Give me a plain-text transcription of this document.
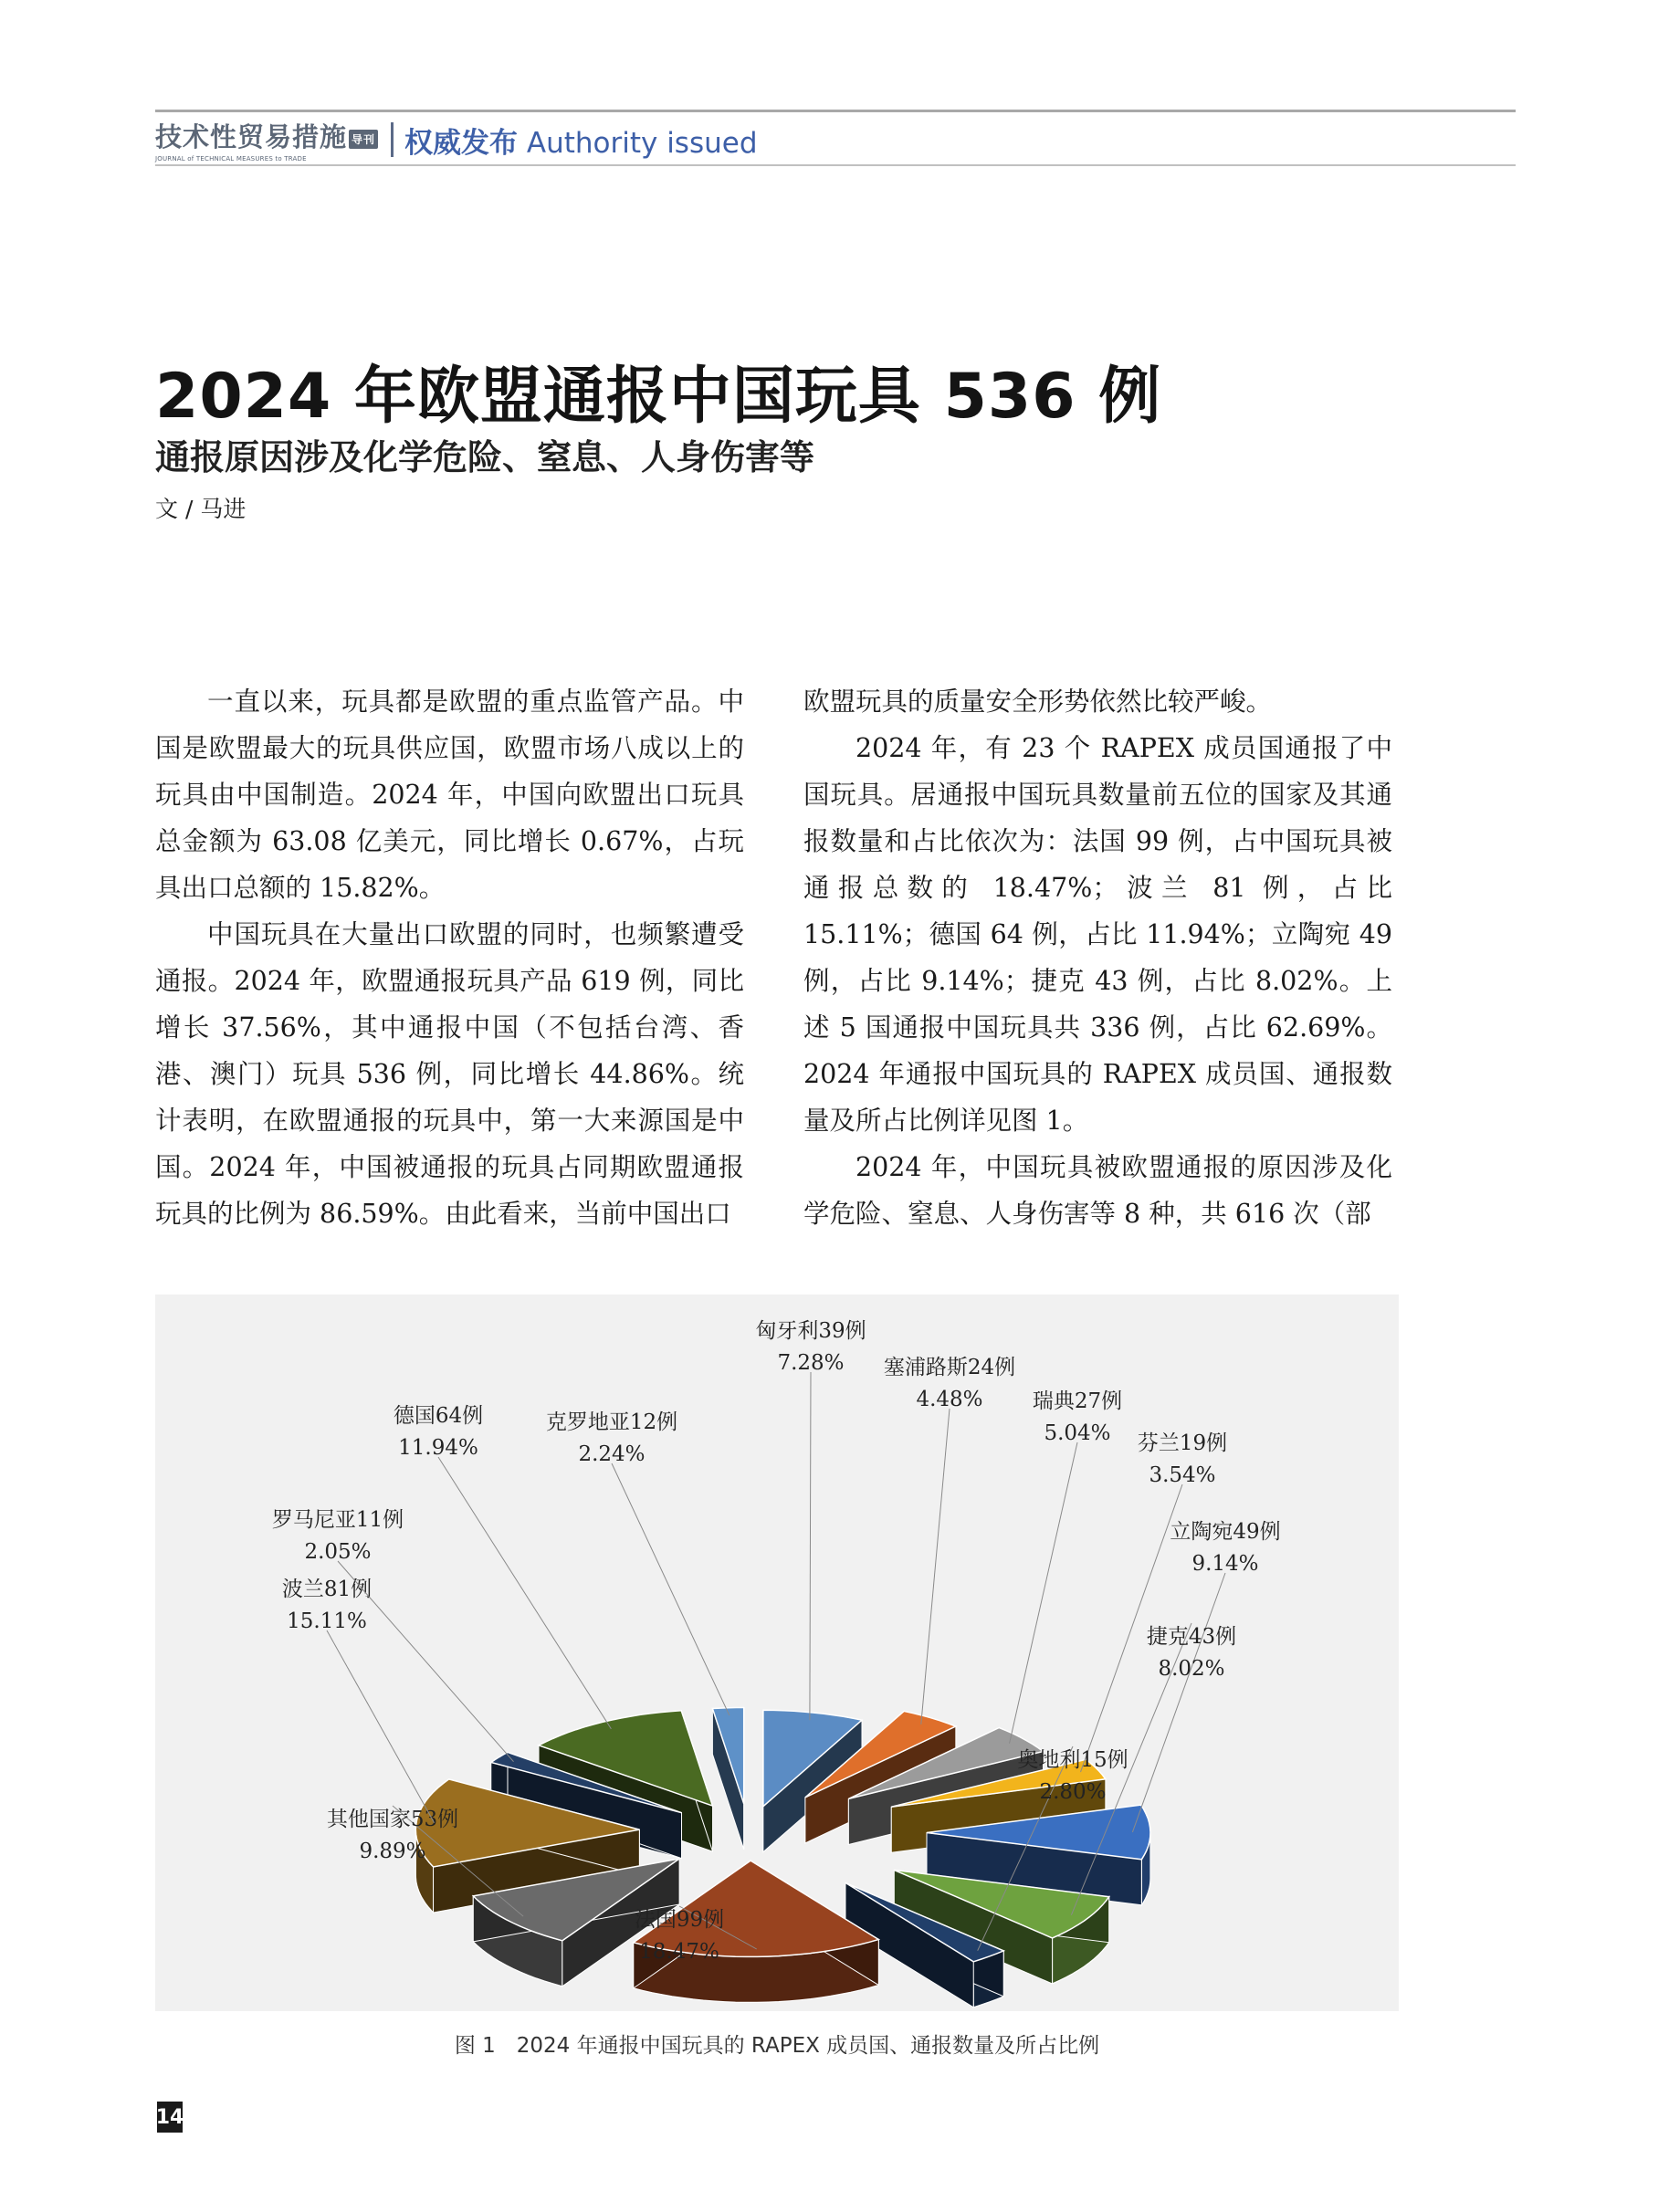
技术性贸易措施 导刊
JOURNAL of TECHNICAL MEASURES to TRADE	权威发布 Authority issued
2024 年欧盟通报中国玩具 536 例
通报原因涉及化学危险、窒息、人身伤害等
文 / 马进

一直以来，玩具都是欧盟的重点监管产品。中国是欧盟最大的玩具供应国，欧盟市场八成以上的玩具由中国制造。2024 年，中国向欧盟出口玩具总金额为 63.08 亿美元，同比增长 0.67%，占玩具出口总额的 15.82%。

中国玩具在大量出口欧盟的同时，也频繁遭受通报。2024 年，欧盟通报玩具产品 619 例，同比增长 37.56%，其中通报中国（不包括台湾、香港、澳门）玩具 536 例，同比增长 44.86%。统计表明，在欧盟通报的玩具中，第一大来源国是中国。2024 年，中国被通报的玩具占同期欧盟通报玩具的比例为 86.59%。由此看来，当前中国出口

欧盟玩具的质量安全形势依然比较严峻。

2024 年，有 23 个 RAPEX 成员国通报了中国玩具。居通报中国玩具数量前五位的国家及其通报数量和占比依次为：法国 99 例，占中国玩具被通报总数的 18.47%；波兰 81 例，占比 15.11%；德国 64 例，占比 11.94%；立陶宛 49 例，占比 9.14%；捷克 43 例，占比 8.02%。上述 5 国通报中国玩具共 336 例，占比 62.69%。2024 年通报中国玩具的 RAPEX 成员国、通报数量及所占比例详见图 1。

2024 年，中国玩具被欧盟通报的原因涉及化学危险、窒息、人身伤害等 8 种，共 616 次（部

匈牙利39例
7.28% 塞浦路斯24例
4.48% 瑞典27例
5.04% 芬兰19例
3.54%
立陶宛49例
9.14%
捷克43例
8.02%
奥地利15例
2.80%
法国99例
18.47%
其他国家53例
9.89%
波兰81例
15.11%
罗马尼亚11例
2.05%
德国64例
11.94%
克罗地亚12例
2.24%
图 1　2024 年通报中国玩具的 RAPEX 成员国、通报数量及所占比例
14
